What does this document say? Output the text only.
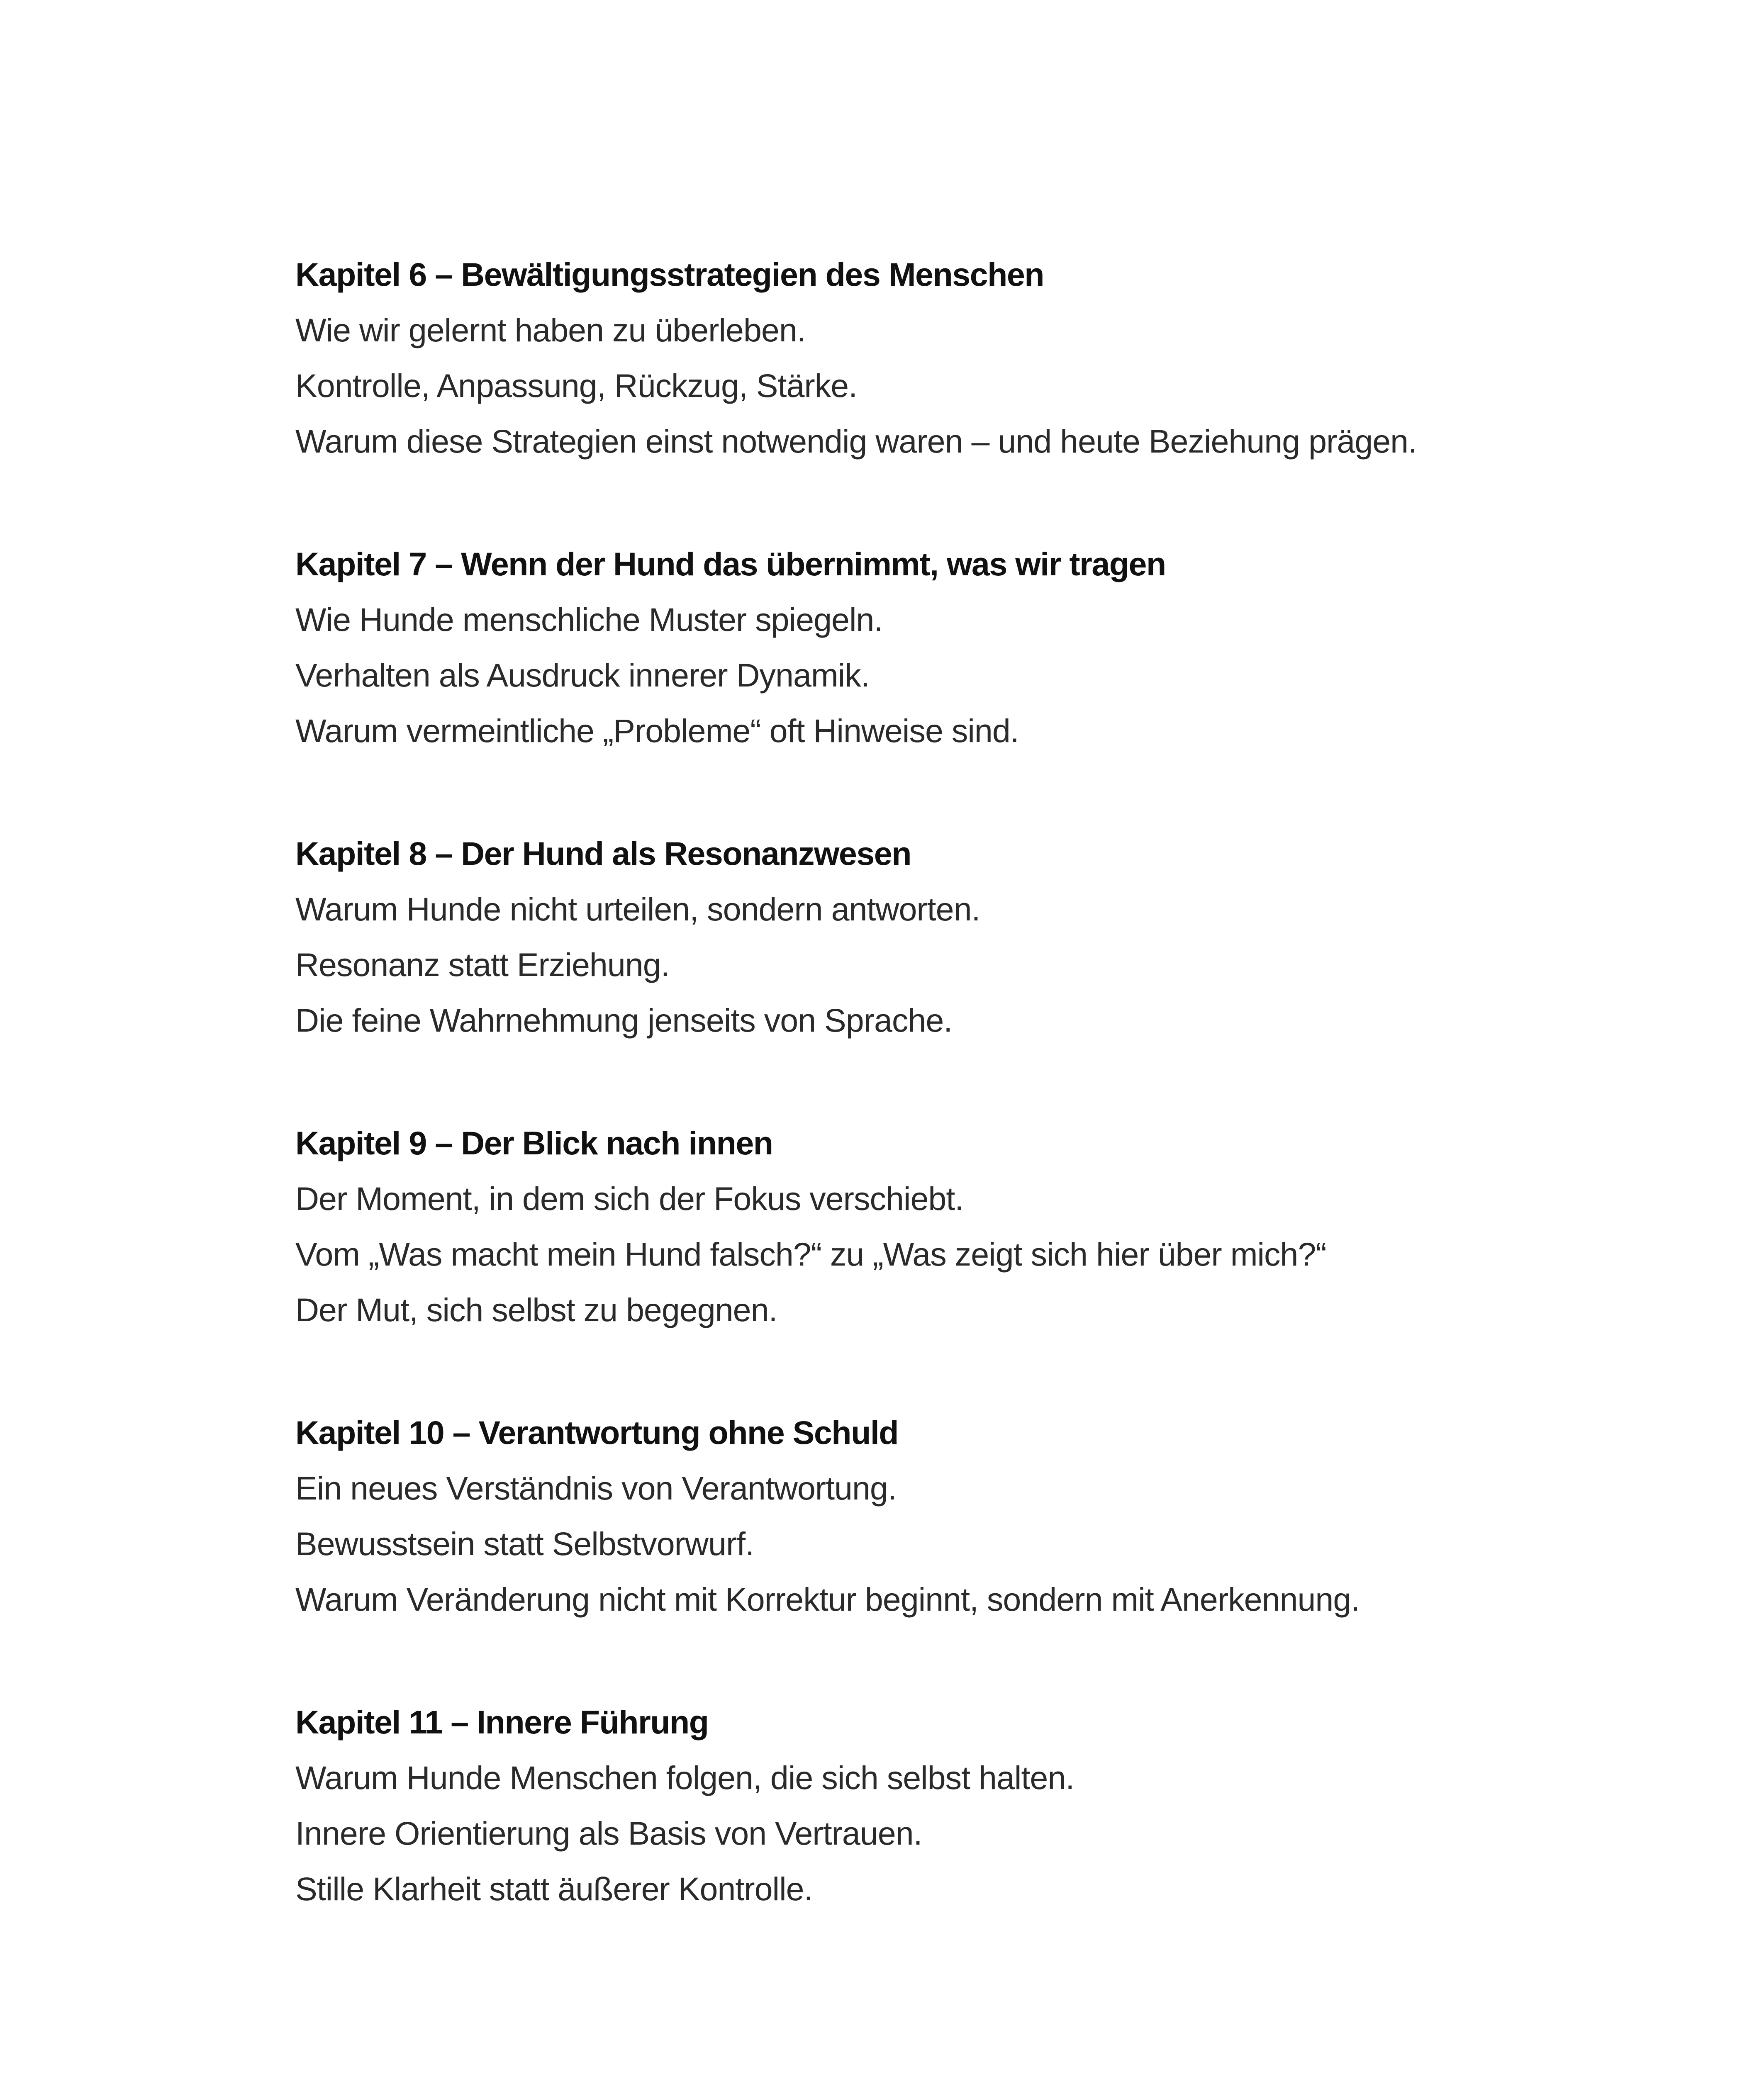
Kapitel 6 – Bewältigungsstrategien des Menschen
Wie wir gelernt haben zu überleben.
Kontrolle, Anpassung, Rückzug, Stärke.
Warum diese Strategien einst notwendig waren – und heute Beziehung prägen.
Kapitel 7 – Wenn der Hund das übernimmt, was wir tragen
Wie Hunde menschliche Muster spiegeln.
Verhalten als Ausdruck innerer Dynamik.
Warum vermeintliche „Probleme“ oft Hinweise sind.
Kapitel 8 – Der Hund als Resonanzwesen
Warum Hunde nicht urteilen, sondern antworten.
Resonanz statt Erziehung.
Die feine Wahrnehmung jenseits von Sprache.
Kapitel 9 – Der Blick nach innen
Der Moment, in dem sich der Fokus verschiebt.
Vom „Was macht mein Hund falsch?“ zu „Was zeigt sich hier über mich?“
Der Mut, sich selbst zu begegnen.
Kapitel 10 – Verantwortung ohne Schuld
Ein neues Verständnis von Verantwortung.
Bewusstsein statt Selbstvorwurf.
Warum Veränderung nicht mit Korrektur beginnt, sondern mit Anerkennung.
Kapitel 11 – Innere Führung
Warum Hunde Menschen folgen, die sich selbst halten.
Innere Orientierung als Basis von Vertrauen.
Stille Klarheit statt äußerer Kontrolle.
